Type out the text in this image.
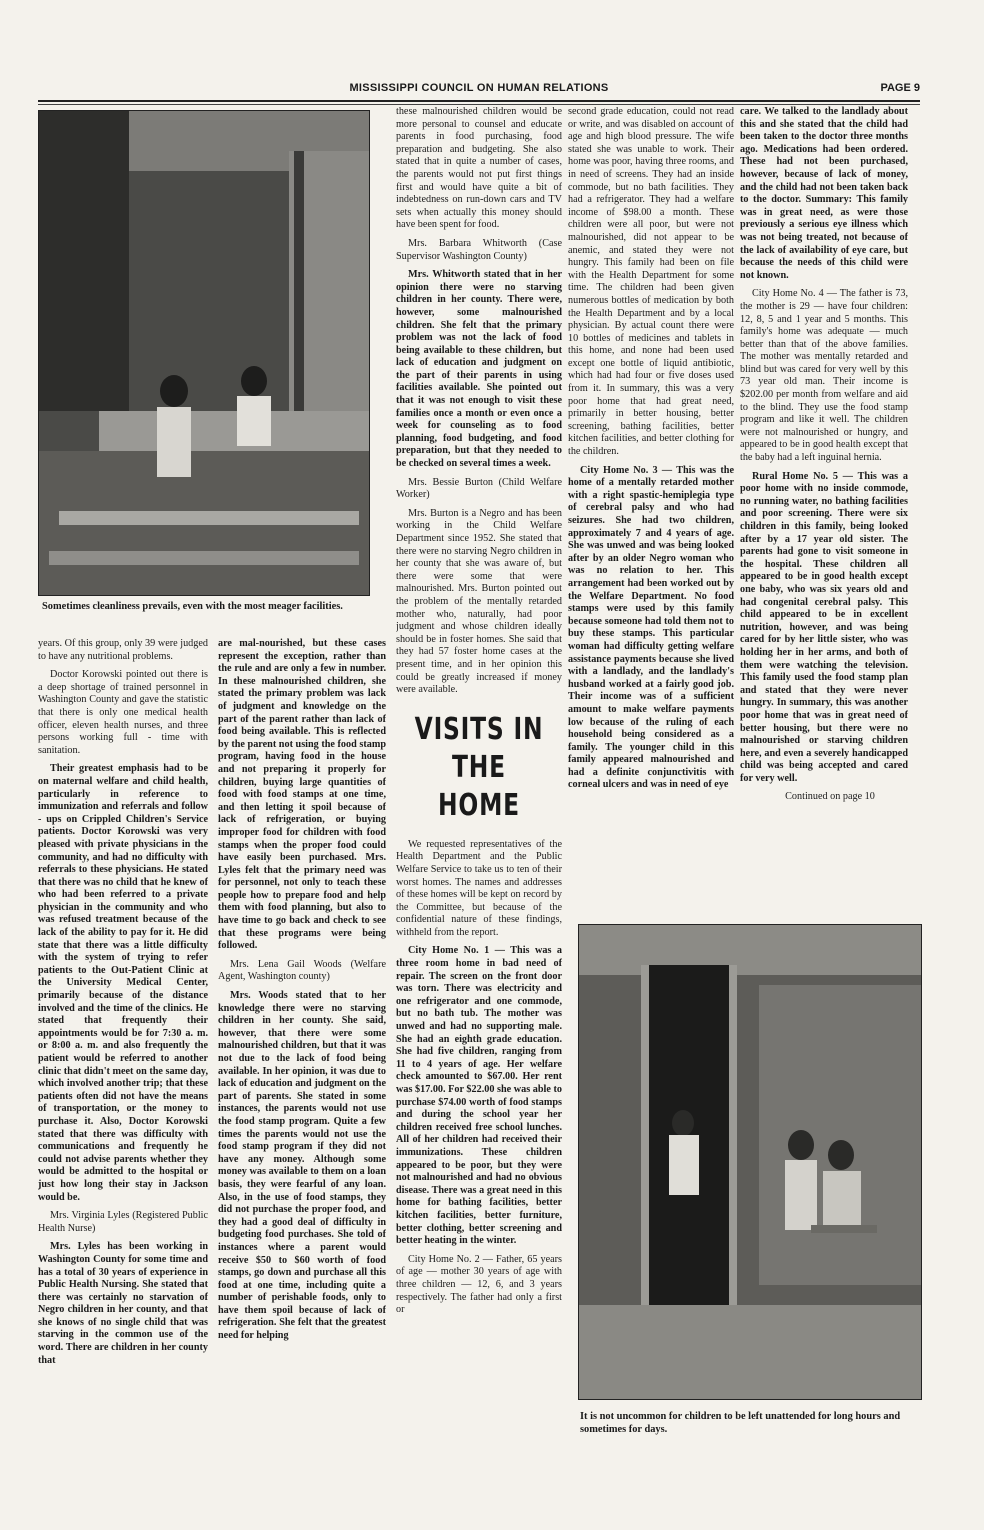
MISSISSIPPI COUNCIL ON HUMAN RELATIONS	PAGE 9
Sometimes cleanliness prevails, even with the most meager facilities.

years. Of this group, only 39 were judged to have any nutritional problems.

Doctor Korowski pointed out there is a deep shortage of trained personnel in Washington County and gave the statistic that there is only one medical health officer, eleven health nurses, and three persons working full - time with sanitation.

Their greatest emphasis had to be on maternal welfare and child health, particularly in reference to immunization and referrals and follow - ups on Crippled Children's Service patients. Doctor Korowski was very pleased with private physicians in the community, and had no difficulty with referrals to these physicians. He stated that there was no child that he knew of who had been referred to a private physician in the community and who was refused treatment because of the lack of the ability to pay for it. He did state that there was a little difficulty with the system of trying to refer patients to the Out-Patient Clinic at the University Medical Center, primarily because of the distance involved and the time of the clinics. He stated that frequently their appointments would be for 7:30 a. m. or 8:00 a. m. and also frequently the patient would be referred to another clinic that didn't meet on the same day, which involved another trip; that these patients often did not have the means of transportation, or the money to purchase it. Also, Doctor Korowski stated that there was difficulty with communications and frequently he could not advise parents whether they would be admitted to the hospital or just how long their stay in Jackson would be.

Mrs. Virginia Lyles (Registered Public Health Nurse)

Mrs. Lyles has been working in Washington County for some time and has a total of 30 years of experience in Public Health Nursing. She stated that there was certainly no starvation of Negro children in her county, and that she knows of no single child that was starving in the common use of the word. There are children in her county that

are mal-nourished, but these cases represent the exception, rather than the rule and are only a few in number. In these malnourished children, she stated the primary problem was lack of judgment and knowledge on the part of the parent rather than lack of food being available. This is reflected by the parent not using the food stamp program, having food in the house and not preparing it properly for children, buying large quantities of food with food stamps at one time, and then letting it spoil because of lack of refrigeration, or buying improper food for children with food stamps when the proper food could have easily been purchased. Mrs. Lyles felt that the primary need was for personnel, not only to teach these people how to prepare food and help them with food planning, but also to have time to go back and check to see that these programs were being followed.

Mrs. Lena Gail Woods (Welfare Agent, Washington county)

Mrs. Woods stated that to her knowledge there were no starving children in her county. She said, however, that there were some malnourished children, but that it was not due to the lack of food being available. In her opinion, it was due to lack of education and judgment on the part of parents. She stated in some instances, the parents would not use the food stamp program. Quite a few times the parents would not use the food stamp program if they did not have any money. Although some money was available to them on a loan basis, they were fearful of any loan. Also, in the use of food stamps, they did not purchase the proper food, and they had a good deal of difficulty in budgeting food purchases. She told of instances where a parent would receive $50 to $60 worth of food stamps, go down and purchase all this food at one time, including quite a number of perishable foods, only to have them spoil because of lack of refrigeration. She felt that the greatest need for helping

these malnourished children would be more personal to counsel and educate parents in food purchasing, food preparation and budgeting. She also stated that in quite a number of cases, the parents would not put first things first and would have quite a bit of indebtedness on run-down cars and TV sets when actually this money should have been spent for food.

Mrs. Barbara Whitworth (Case Supervisor Washington County)

Mrs. Whitworth stated that in her opinion there were no starving children in her county. There were, however, some malnourished children. She felt that the primary problem was not the lack of food being available to these children, but lack of education and judgment on the part of their parents in using facilities available. She pointed out that it was not enough to visit these families once a month or even once a week for counseling as to food planning, food budgeting, and food preparation, but that they needed to be checked on several times a week.

Mrs. Bessie Burton (Child Welfare Worker)

Mrs. Burton is a Negro and has been working in the Child Welfare Department since 1952. She stated that there were no starving Negro children in her county that she was aware of, but there were some that were malnourished. Mrs. Burton pointed out the problem of the mentally retarded mother who, naturally, had poor judgment and whose children ideally should be in foster homes. She said that they had 57 foster home cases at the present time, and in her opinion this could be greatly increased if money were available.

VISITS IN THE HOME

We requested representatives of the Health Department and the Public Welfare Service to take us to ten of their worst homes. The names and addresses of these homes will be kept on record by the Committee, but because of the confidential nature of these findings, withheld from the report.

City Home No. 1 — This was a three room home in bad need of repair. The screen on the front door was torn. There was electricity and one refrigerator and one commode, but no bath tub. The mother was unwed and had no supporting male. She had an eighth grade education. She had five children, ranging from 11 to 4 years of age. Her welfare check amounted to $67.00. Her rent was $17.00. For $22.00 she was able to purchase $74.00 worth of food stamps and during the school year her children received free school lunches. All of her children had received their immunizations. These children appeared to be poor, but they were not malnourished and had no obvious disease. There was a great need in this home for bathing facilities, better kitchen facilities, better furniture, better clothing, better screening and better heating in the winter.

City Home No. 2 — Father, 65 years of age — mother 30 years of age with three children — 12, 6, and 3 years respectively. The father had only a first or

second grade education, could not read or write, and was disabled on account of age and high blood pressure. The wife stated she was unable to work. Their home was poor, having three rooms, and in need of screens. They had an inside commode, but no bath facilities. They had a refrigerator. They had a welfare income of $98.00 a month. These children were all poor, but were not malnourished, did not appear to be anemic, and stated they were not hungry. This family had been on file with the Health Department for some time. The children had been given numerous bottles of medication by both the Health Department and by a local physician. By actual count there were 10 bottles of medicines and tablets in this home, and none had been used except one bottle of liquid antibiotic, which had had four or five doses used from it. In summary, this was a very poor home that had great need, primarily in better housing, better screening, bathing facilities, better kitchen facilities, and better clothing for the children.

City Home No. 3 — This was the home of a mentally retarded mother with a right spastic-hemiplegia type of cerebral palsy and who had seizures. She had two children, approximately 7 and 4 years of age. She was unwed and was being looked after by an older Negro woman who was no relation to her. This arrangement had been worked out by the Welfare Department. No food stamps were used by this family because someone had told them not to buy these stamps. This particular woman had difficulty getting welfare assistance payments because she lived with a landlady, and the landlady's husband worked at a fairly good job. Their income was of a sufficient amount to make welfare payments low because of the ruling of each household being considered as a family. The younger child in this family appeared malnourished and had a definite conjunctivitis with corneal ulcers and was in need of eye

care. We talked to the landlady about this and she stated that the child had been taken to the doctor three months ago. Medications had been ordered. These had not been purchased, however, because of lack of money, and the child had not been taken back to the doctor. Summary: This family was in great need, as were those previously a serious eye illness which was not being treated, not because of the lack of availability of eye care, but because the needs of this child were not known.

City Home No. 4 — The father is 73, the mother is 29 — have four children: 12, 8, 5 and 1 year and 5 months. This family's home was adequate — much better than that of the above families. The mother was mentally retarded and blind but was cared for very well by this 73 year old man. Their income is $202.00 per month from welfare and aid to the blind. They use the food stamp program and like it well. The children were not malnourished or hungry, and appeared to be in good health except that the baby had a left inguinal hernia.

Rural Home No. 5 — This was a poor home with no inside commode, no running water, no bathing facilities and poor screening. There were six children in this family, being looked after by a 17 year old sister. The parents had gone to visit someone in the hospital. These children all appeared to be in good health except one baby, who was six years old and had congenital cerebral palsy. This child appeared to be in excellent nutrition, however, and was being cared for by her little sister, who was holding her in her arms, and both of them were watching the television. This family used the food stamp plan and stated that they were never hungry. In summary, this was another poor home that was in great need of better housing, but there were no malnourished or starving children here, and even a severely handicapped child was being accepted and cared for very well.

Continued on page 10

It is not uncommon for children to be left unattended for long hours and sometimes for days.
